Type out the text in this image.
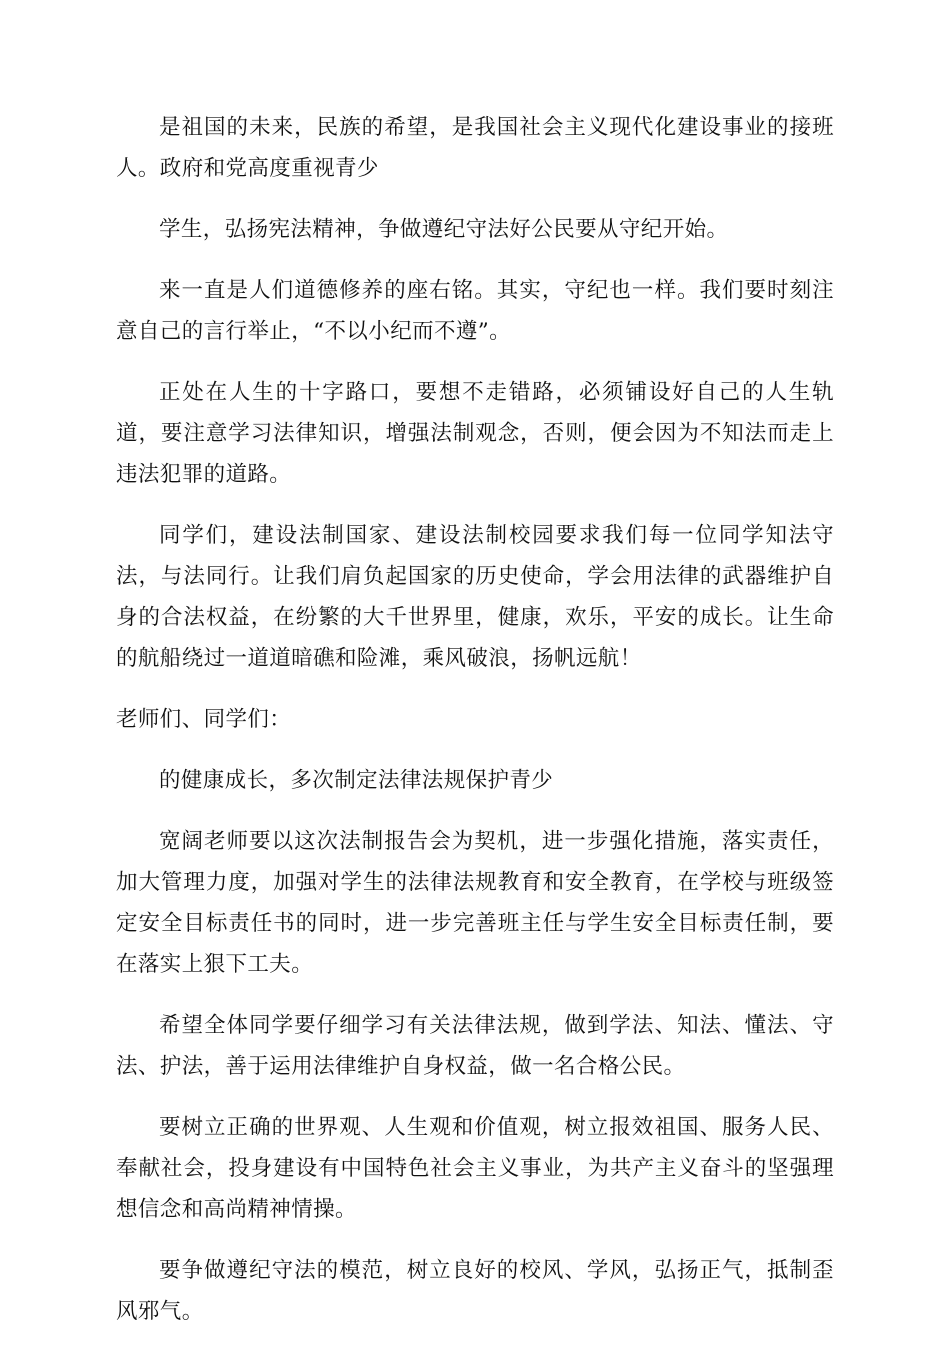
是祖国的未来，民族的希望，是我国社会主义现代化建设事业的接班人。政府和党高度重视青少

学生，弘扬宪法精神，争做遵纪守法好公民要从守纪开始。

来一直是人们道德修养的座右铭。其实，守纪也一样。我们要时刻注意自己的言行举止，“不以小纪而不遵”。

正处在人生的十字路口，要想不走错路，必须铺设好自己的人生轨道，要注意学习法律知识，增强法制观念，否则，便会因为不知法而走上违法犯罪的道路。

同学们，建设法制国家、建设法制校园要求我们每一位同学知法守法，与法同行。让我们肩负起国家的历史使命，学会用法律的武器维护自身的合法权益，在纷繁的大千世界里，健康，欢乐，平安的成长。让生命的航船绕过一道道暗礁和险滩，乘风破浪，扬帆远航！

老师们、同学们：

的健康成长，多次制定法律法规保护青少

宽阔老师要以这次法制报告会为契机，进一步强化措施，落实责任，加大管理力度，加强对学生的法律法规教育和安全教育，在学校与班级签定安全目标责任书的同时，进一步完善班主任与学生安全目标责任制，要在落实上狠下工夫。

希望全体同学要仔细学习有关法律法规，做到学法、知法、懂法、守法、护法，善于运用法律维护自身权益，做一名合格公民。

要树立正确的世界观、人生观和价值观，树立报效祖国、服务人民、奉献社会，投身建设有中国特色社会主义事业，为共产主义奋斗的坚强理想信念和高尚精神情操。

要争做遵纪守法的模范，树立良好的校风、学风，弘扬正气，抵制歪风邪气。
